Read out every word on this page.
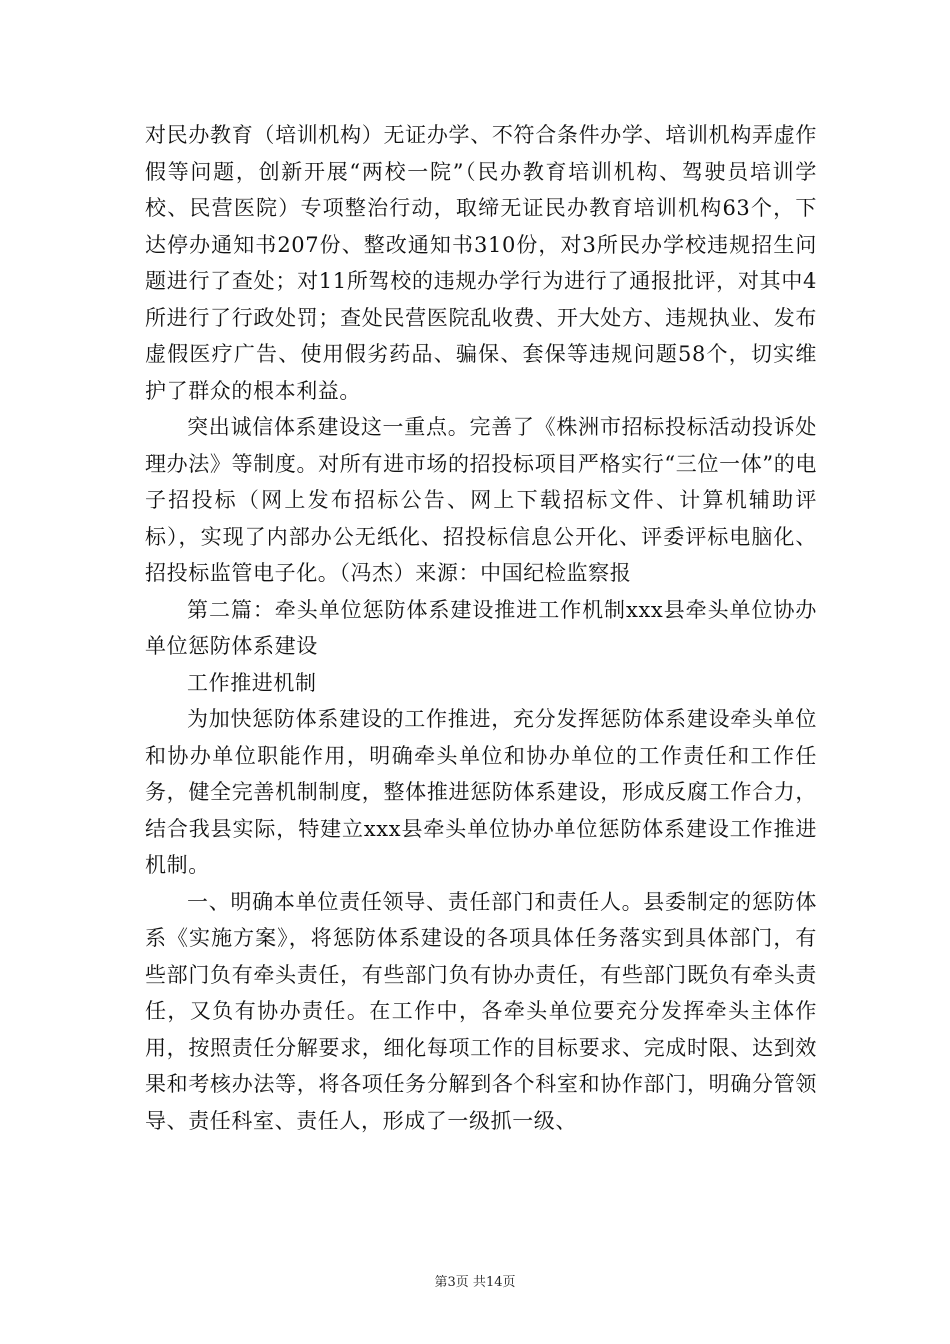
对民办教育（培训机构）无证办学、不符合条件办学、培训机构弄虚作假等问题，创新开展“两校一院”（民办教育培训机构、驾驶员培训学校、民营医院）专项整治行动，取缔无证民办教育培训机构63个，下达停办通知书207份、整改通知书310份，对3所民办学校违规招生问题进行了查处；对11所驾校的违规办学行为进行了通报批评，对其中4所进行了行政处罚；查处民营医院乱收费、开大处方、违规执业、发布虚假医疗广告、使用假劣药品、骗保、套保等违规问题58个，切实维护了群众的根本利益。

突出诚信体系建设这一重点。完善了《株洲市招标投标活动投诉处理办法》等制度。对所有进市场的招投标项目严格实行“三位一体”的电子招投标（网上发布招标公告、网上下载招标文件、计算机辅助评标），实现了内部办公无纸化、招投标信息公开化、评委评标电脑化、招投标监管电子化。（冯杰）来源：中国纪检监察报

第二篇：牵头单位惩防体系建设推进工作机制xxx县牵头单位协办单位惩防体系建设

工作推进机制

为加快惩防体系建设的工作推进，充分发挥惩防体系建设牵头单位和协办单位职能作用，明确牵头单位和协办单位的工作责任和工作任务，健全完善机制制度，整体推进惩防体系建设，形成反腐工作合力，结合我县实际，特建立xxx县牵头单位协办单位惩防体系建设工作推进机制。

一、明确本单位责任领导、责任部门和责任人。县委制定的惩防体系《实施方案》，将惩防体系建设的各项具体任务落实到具体部门，有些部门负有牵头责任，有些部门负有协办责任，有些部门既负有牵头责任，又负有协办责任。在工作中，各牵头单位要充分发挥牵头主体作用，按照责任分解要求，细化每项工作的目标要求、完成时限、达到效果和考核办法等，将各项任务分解到各个科室和协作部门，明确分管领导、责任科室、责任人，形成了一级抓一级、

第3页 共14页
